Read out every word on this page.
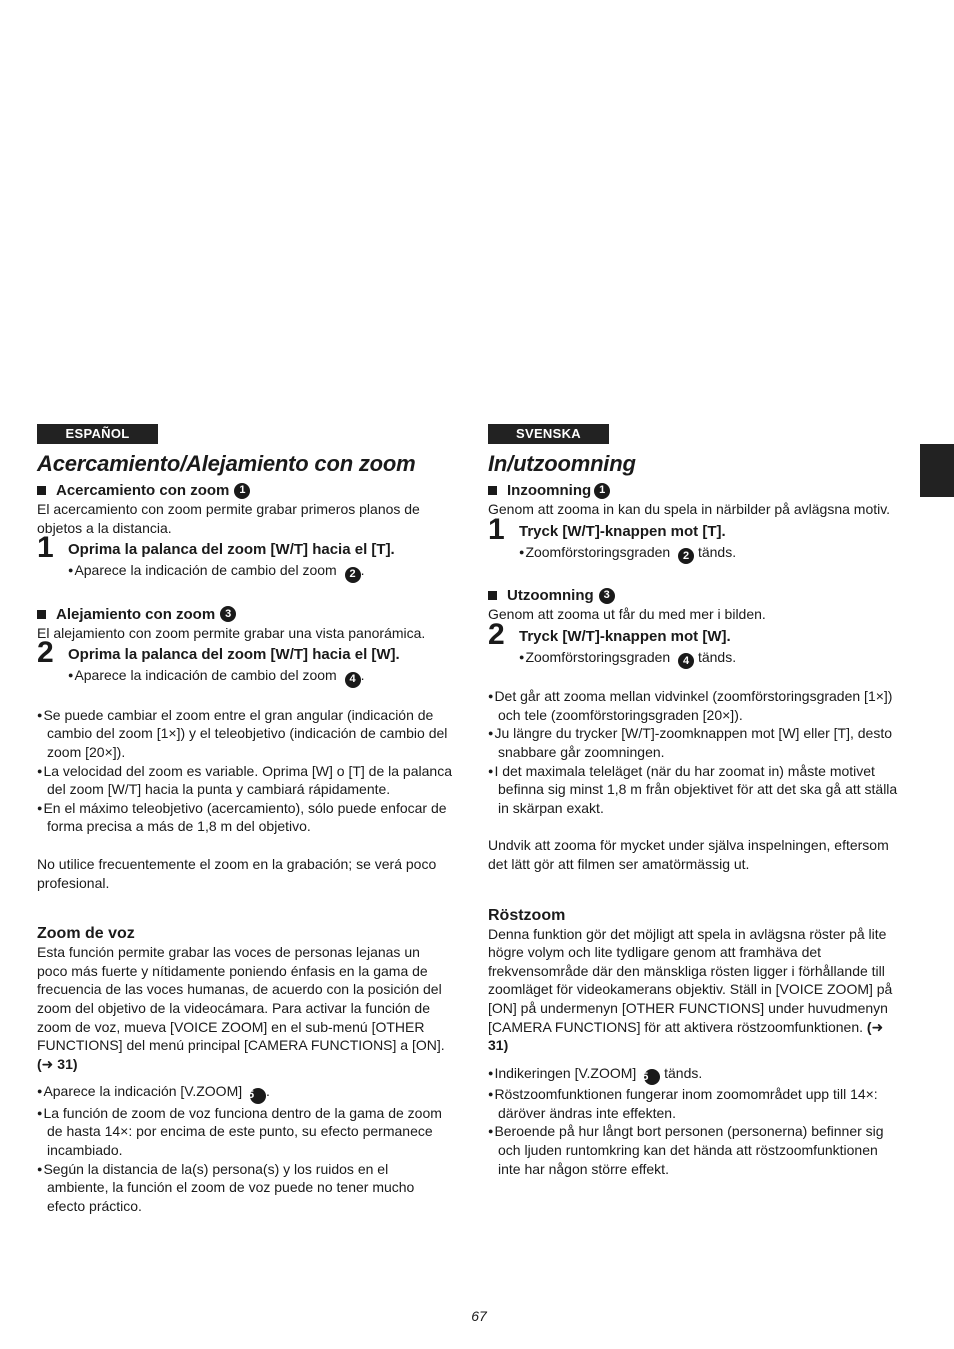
ESPAÑOL
Acercamiento/Alejamiento con zoom
Acercamiento con zoom 1

El acercamiento con zoom permite grabar primeros planos de objetos a la distancia.

1 Oprima la palanca del zoom [W/T] hacia el [T].
● Aparece la indicación de cambio del zoom 2 .
Alejamiento con zoom 3

El alejamiento con zoom permite grabar una vista panorámica.

2 Oprima la palanca del zoom [W/T] hacia el [W].
● Aparece la indicación de cambio del zoom 4 .
● Se puede cambiar el zoom entre el gran angular (indicación de cambio del zoom [1×]) y el teleobjetivo (indicación de cambio del zoom [20×]).
● La velocidad del zoom es variable. Oprima [W] o [T] de la palanca del zoom [W/T] hacia la punta y cambiará rápidamente.
● En el máximo teleobjetivo (acercamiento), sólo puede enfocar de forma precisa a más de 1,8 m del objetivo.

No utilice frecuentemente el zoom en la grabación; se verá poco profesional.

Zoom de voz

Esta función permite grabar las voces de personas lejanas un poco más fuerte y nítidamente poniendo énfasis en la gama de frecuencia de las voces humanas, de acuerdo con la posición del zoom del objetivo de la videocámara. Para activar la función de zoom de voz, mueva [VOICE ZOOM] en el sub-menú [OTHER FUNCTIONS] del menú principal [CAMERA FUNCTIONS] a [ON]. (➜ 31)

● Aparece la indicación [V.ZOOM] 5 .
● La función de zoom de voz funciona dentro de la gama de zoom de hasta 14×: por encima de este punto, su efecto permanece incambiado.
● Según la distancia de la(s) persona(s) y los ruidos en el ambiente, la función el zoom de voz puede no tener mucho efecto práctico.
SVENSKA
In/utzoomning
Inzoomning 1

Genom att zooma in kan du spela in närbilder på avlägsna motiv.

1 Tryck [W/T]-knappen mot [T].
● Zoomförstoringsgraden 2 tänds.
Utzoomning 3

Genom att zooma ut får du med mer i bilden.

2 Tryck [W/T]-knappen mot [W].
● Zoomförstoringsgraden 4 tänds.
● Det går att zooma mellan vidvinkel (zoomförstoringsgraden [1×]) och tele (zoomförstoringsgraden [20×]).
● Ju längre du trycker [W/T]-zoomknappen mot [W] eller [T], desto snabbare går zoomningen.
● I det maximala teleläget (när du har zoomat in) måste motivet befinna sig minst 1,8 m från objektivet för att det ska gå att ställa in skärpan exakt.

Undvik att zooma för mycket under själva inspelningen, eftersom det lätt gör att filmen ser amatörmässig ut.

Röstzoom

Denna funktion gör det möjligt att spela in avlägsna röster på lite högre volym och lite tydligare genom att framhäva det frekvensområde där den mänskliga rösten ligger i förhållande till zoomläget för videokamerans objektiv. Ställ in [VOICE ZOOM] på [ON] på undermenyn [OTHER FUNCTIONS] under huvudmenyn [CAMERA FUNCTIONS] för att aktivera röstzoomfunktionen. (➜ 31)

● Indikeringen [V.ZOOM] 5 tänds.
● Röstzoomfunktionen fungerar inom zoomområdet upp till 14×: däröver ändras inte effekten.
● Beroende på hur långt bort personen (personerna) befinner sig och ljuden runtomkring kan det hända att röstzoomfunktionen inte har någon större effekt.
67
